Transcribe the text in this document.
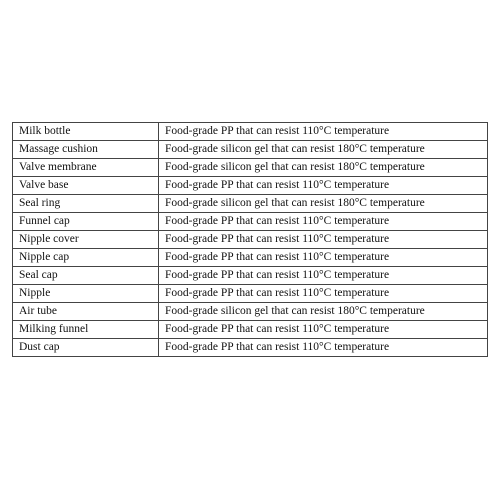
Milk bottle	Food-grade PP that can resist 110°C temperature
Massage cushion	Food-grade silicon gel that can resist 180°C temperature
Valve membrane	Food-grade silicon gel that can resist 180°C temperature
Valve base	Food-grade PP that can resist 110°C temperature
Seal ring	Food-grade silicon gel that can resist 180°C temperature
Funnel cap	Food-grade PP that can resist 110°C temperature
Nipple cover	Food-grade PP that can resist 110°C temperature
Nipple cap	Food-grade PP that can resist 110°C temperature
Seal cap	Food-grade PP that can resist 110°C temperature
Nipple	Food-grade PP that can resist 110°C temperature
Air tube	Food-grade silicon gel that can resist 180°C temperature
Milking funnel	Food-grade PP that can resist 110°C temperature
Dust cap	Food-grade PP that can resist 110°C temperature
